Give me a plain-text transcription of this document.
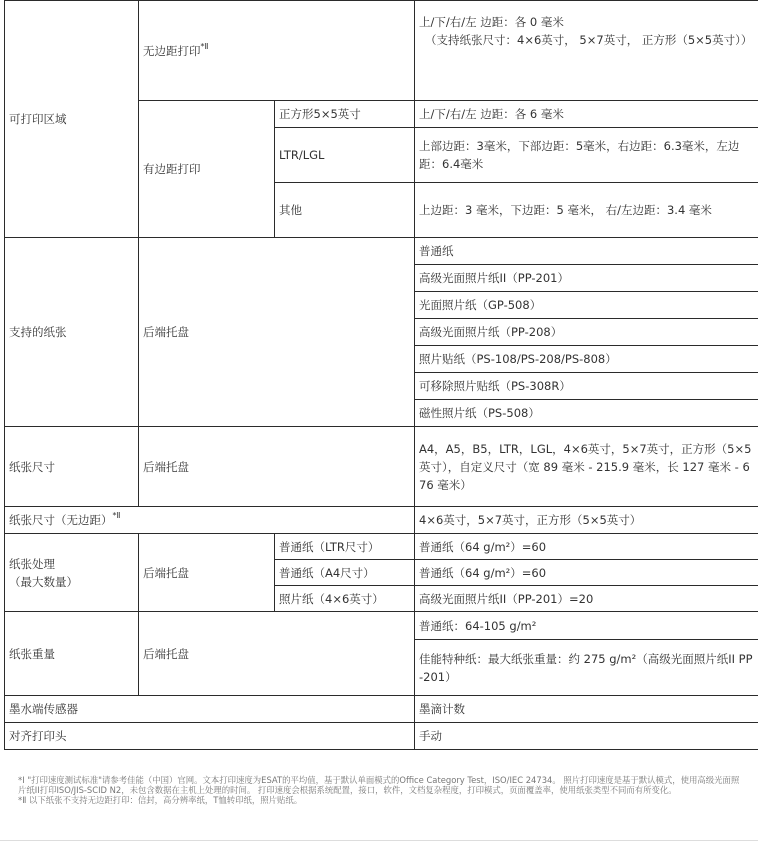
可打印区域	无边距打印$^{*Ⅱ}$		上/下/右/左 边距：各 0 毫米
（支持纸张尺寸：4×6英寸， 5×7英寸， 正方形（5×5英寸））

	有边距打印	正方形5×5英寸	上/下/右/左 边距：各 6 毫米
		LTR/LGL	上部边距：3毫米，下部边距：5毫米，右边距：6.3毫米，左边距：6.4毫米
		其他	上边距：3 毫米，下边距：5 毫米， 右/左边距：3.4 毫米
支持的纸张	后端托盘		普通纸
			高级光面照片纸II（PP-201）
			光面照片纸（GP-508）
			高级光面照片纸（PP-208）
			照片贴纸（PS-108/PS-208/PS-808）
			可移除照片贴纸（PS-308R）
			磁性照片纸（PS-508）
纸张尺寸	后端托盘		A4，A5，B5，LTR，LGL，4×6英寸，5×7英寸，正方形（5×5英寸），自定义尺寸（宽 89 毫米 - 215.9 毫米，长 127 毫米 - 676 毫米）
纸张尺寸（无边距）$^{*Ⅱ}$			4×6英寸，5×7英寸，正方形（5×5英寸）

纸张处理
（最大数量）	后端托盘	普通纸（LTR尺寸）	普通纸（64 g/m²）=60
		普通纸（A4尺寸）	普通纸（64 g/m²）=60
		照片纸（4×6英寸）	高级光面照片纸II（PP-201）=20
纸张重量	后端托盘		普通纸：64-105 g/m²
			佳能特种纸：最大纸张重量：约 275 g/m²（高级光面照片纸II PP-201）
墨水端传感器			墨滴计数
对齐打印头			手动

*Ⅰ "打印速度测试标准"请参考佳能（中国）官网。文本打印速度为ESAT的平均值，基于默认单面模式的Office Category Test，ISO/IEC 24734。 照片打印速度是基于默认模式，使用高级光面照片纸II打印ISO/JIS-SCID N2，未包含数据在主机上处理的时间。 打印速度会根据系统配置，接口，软件，文档复杂程度，打印模式，页面覆盖率，使用纸张类型不同而有所变化。

*Ⅱ 以下纸张不支持无边距打印：信封，高分辨率纸，T恤转印纸，照片贴纸。
